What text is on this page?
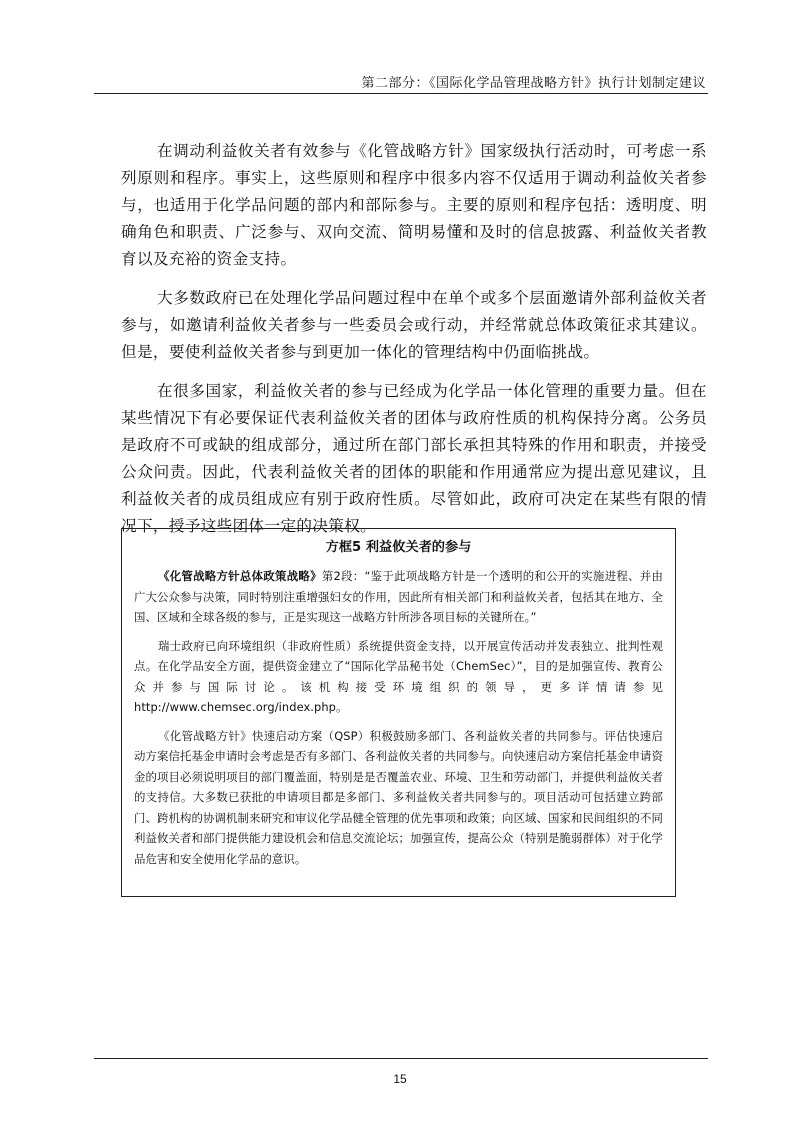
第二部分：《国际化学品管理战略方针》执行计划制定建议

在调动利益攸关者有效参与《化管战略方针》国家级执行活动时，可考虑一系列原则和程序。事实上，这些原则和程序中很多内容不仅适用于调动利益攸关者参与，也适用于化学品问题的部内和部际参与。主要的原则和程序包括：透明度、明确角色和职责、广泛参与、双向交流、简明易懂和及时的信息披露、利益攸关者教育以及充裕的资金支持。

大多数政府已在处理化学品问题过程中在单个或多个层面邀请外部利益攸关者参与，如邀请利益攸关者参与一些委员会或行动，并经常就总体政策征求其建议。但是，要使利益攸关者参与到更加一体化的管理结构中仍面临挑战。

在很多国家，利益攸关者的参与已经成为化学品一体化管理的重要力量。但在某些情况下有必要保证代表利益攸关者的团体与政府性质的机构保持分离。公务员是政府不可或缺的组成部分，通过所在部门部长承担其特殊的作用和职责，并接受公众问责。因此，代表利益攸关者的团体的职能和作用通常应为提出意见建议，且利益攸关者的成员组成应有别于政府性质。尽管如此，政府可决定在某些有限的情况下，授予这些团体一定的决策权。

方框5 利益攸关者的参与

《化管战略方针总体政策战略》第2段：“鉴于此项战略方针是一个透明的和公开的实施进程、并由广大公众参与决策，同时特别注重增强妇女的作用，因此所有相关部门和利益攸关者，包括其在地方、全国、区域和全球各级的参与，正是实现这一战略方针所涉各项目标的关键所在。”

瑞士政府已向环境组织（非政府性质）系统提供资金支持，以开展宣传活动并发表独立、批判性观点。在化学品安全方面，提供资金建立了“国际化学品秘书处（ChemSec）”，目的是加强宣传、教育公众并参与国际讨论。该机构接受环境组织的领导，更多详情请参见http://www.chemsec.org/index.php。

《化管战略方针》快速启动方案（QSP）积极鼓励多部门、各利益攸关者的共同参与。评估快速启动方案信托基金申请时会考虑是否有多部门、各利益攸关者的共同参与。向快速启动方案信托基金申请资金的项目必须说明项目的部门覆盖面，特别是是否覆盖农业、环境、卫生和劳动部门，并提供利益攸关者的支持信。大多数已获批的申请项目都是多部门、多利益攸关者共同参与的。项目活动可包括建立跨部门、跨机构的协调机制来研究和审议化学品健全管理的优先事项和政策；向区域、国家和民间组织的不同利益攸关者和部门提供能力建设机会和信息交流论坛；加强宣传，提高公众（特别是脆弱群体）对于化学品危害和安全使用化学品的意识。

15
